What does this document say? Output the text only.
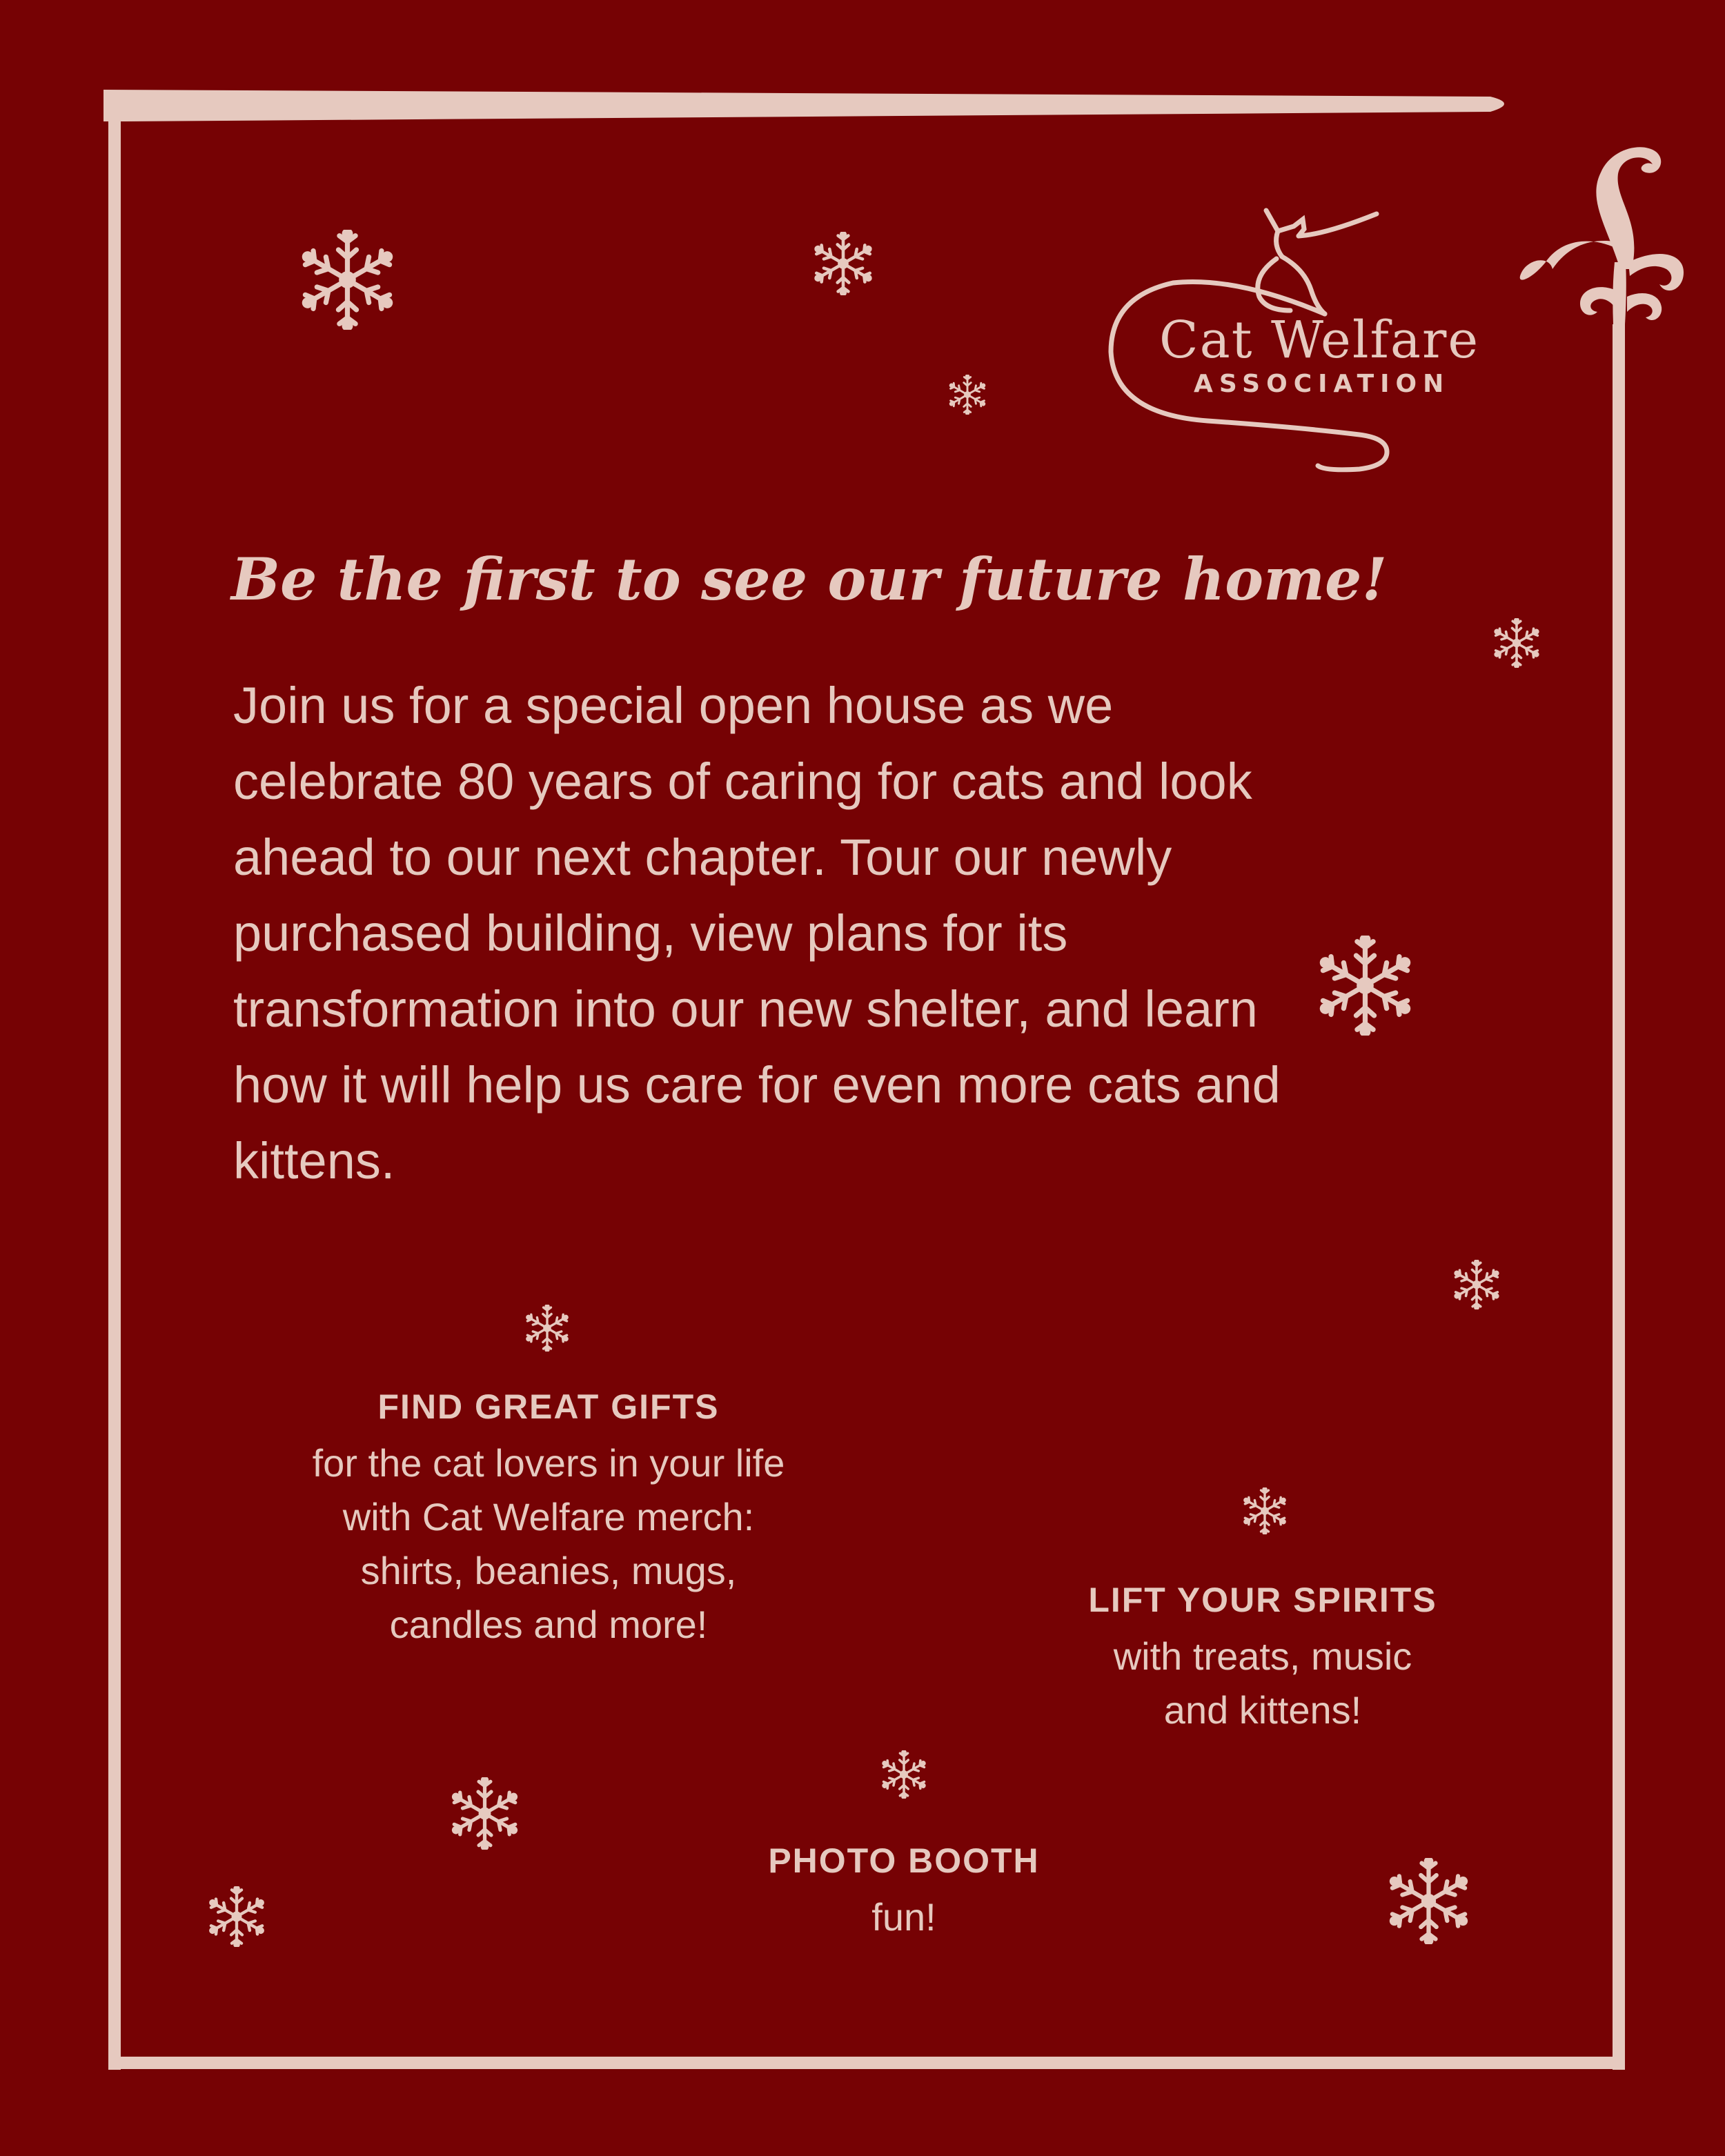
Cat Welfare
ASSOCIATION
Be the first to see our future home!
Join us for a special open house as we celebrate 80 years of caring for cats and look ahead to our next chapter. Tour our newly purchased building, view plans for its transformation into our new shelter, and learn how it will help us care for even more cats and kittens.
FIND GREAT GIFTS
for the cat lovers in your life
with Cat Welfare merch:
shirts, beanies, mugs,
candles and more!
LIFT YOUR SPIRITS
with treats, music
and kittens!
PHOTO BOOTH
fun!
